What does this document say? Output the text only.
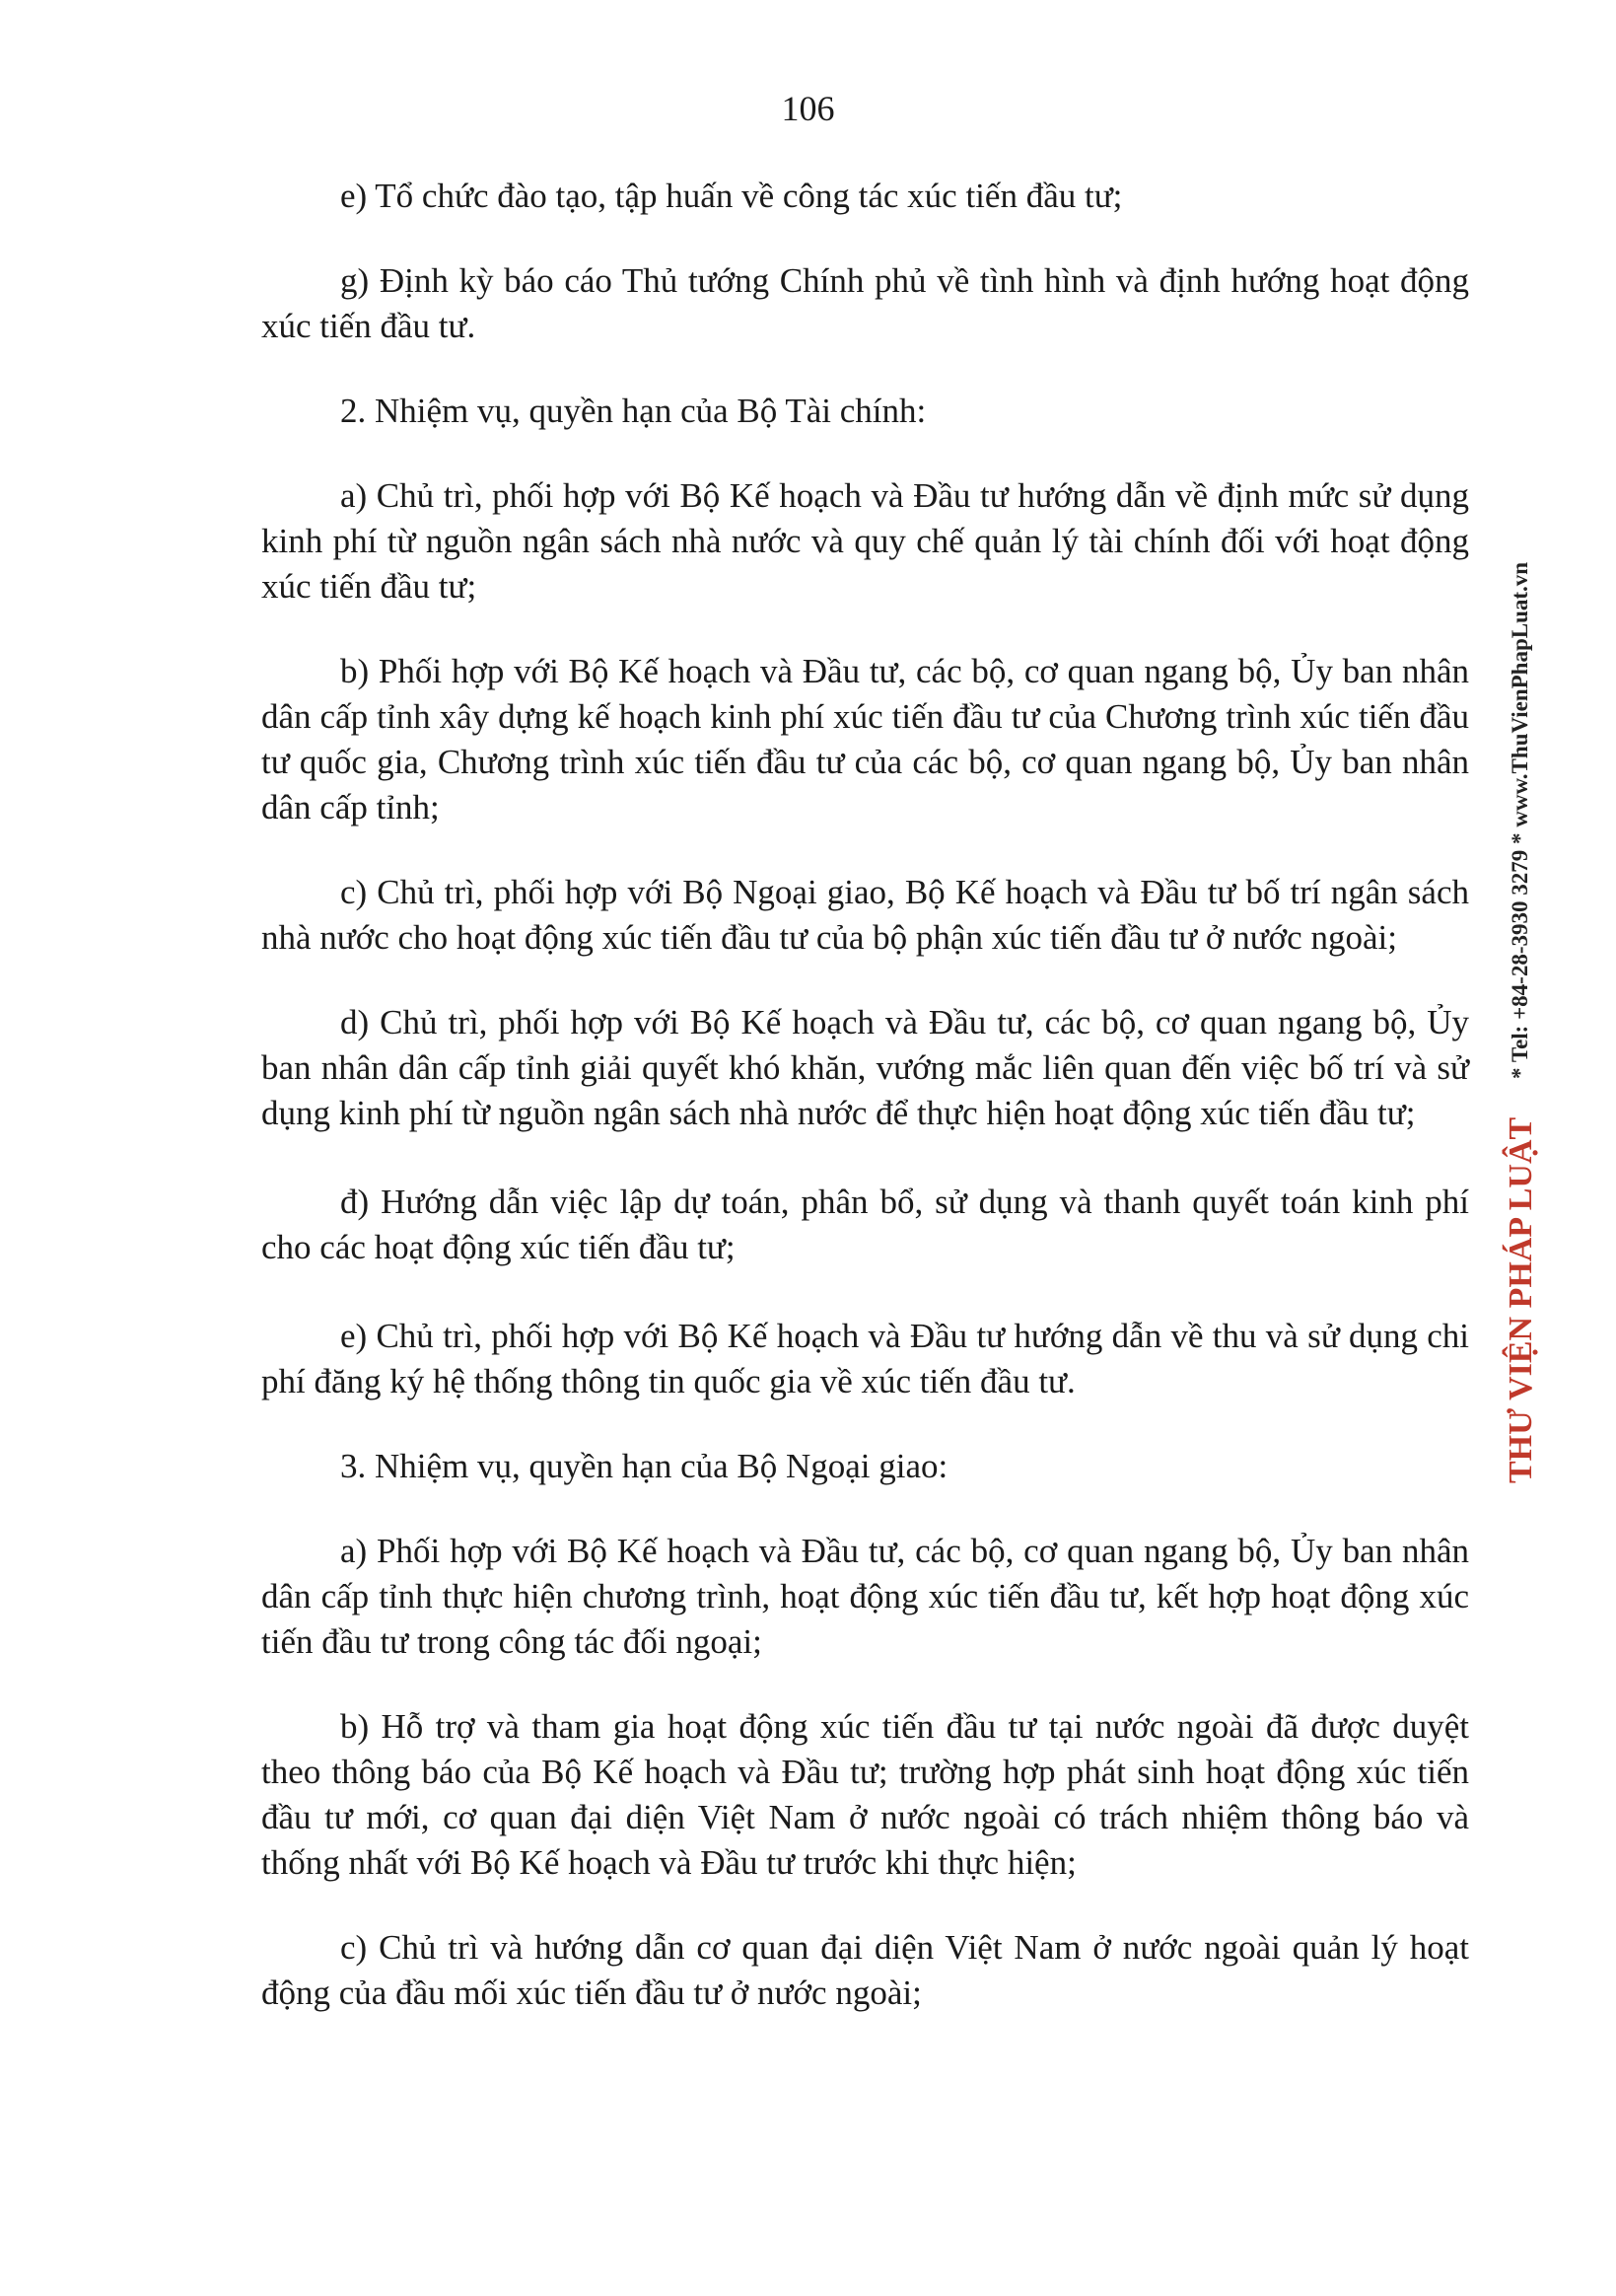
106

e) Tổ chức đào tạo, tập huấn về công tác xúc tiến đầu tư;

g) Định kỳ báo cáo Thủ tướng Chính phủ về tình hình và định hướng hoạt động xúc tiến đầu tư.

2. Nhiệm vụ, quyền hạn của Bộ Tài chính:

a) Chủ trì, phối hợp với Bộ Kế hoạch và Đầu tư hướng dẫn về định mức sử dụng kinh phí từ nguồn ngân sách nhà nước và quy chế quản lý tài chính đối với hoạt động xúc tiến đầu tư;

b) Phối hợp với Bộ Kế hoạch và Đầu tư, các bộ, cơ quan ngang bộ, Ủy ban nhân dân cấp tỉnh xây dựng kế hoạch kinh phí xúc tiến đầu tư của Chương trình xúc tiến đầu tư quốc gia, Chương trình xúc tiến đầu tư của các bộ, cơ quan ngang bộ, Ủy ban nhân dân cấp tỉnh;

c) Chủ trì, phối hợp với Bộ Ngoại giao, Bộ Kế hoạch và Đầu tư bố trí ngân sách nhà nước cho hoạt động xúc tiến đầu tư của bộ phận xúc tiến đầu tư ở nước ngoài;

d) Chủ trì, phối hợp với Bộ Kế hoạch và Đầu tư, các bộ, cơ quan ngang bộ, Ủy ban nhân dân cấp tỉnh giải quyết khó khăn, vướng mắc liên quan đến việc bố trí và sử dụng kinh phí từ nguồn ngân sách nhà nước để thực hiện hoạt động xúc tiến đầu tư;

đ) Hướng dẫn việc lập dự toán, phân bổ, sử dụng và thanh quyết toán kinh phí cho các hoạt động xúc tiến đầu tư;

e) Chủ trì, phối hợp với Bộ Kế hoạch và Đầu tư hướng dẫn về thu và sử dụng chi phí đăng ký hệ thống thông tin quốc gia về xúc tiến đầu tư.

3. Nhiệm vụ, quyền hạn của Bộ Ngoại giao:

a) Phối hợp với Bộ Kế hoạch và Đầu tư, các bộ, cơ quan ngang bộ, Ủy ban nhân dân cấp tỉnh thực hiện chương trình, hoạt động xúc tiến đầu tư, kết hợp hoạt động xúc tiến đầu tư trong công tác đối ngoại;

b) Hỗ trợ và tham gia hoạt động xúc tiến đầu tư tại nước ngoài đã được duyệt theo thông báo của Bộ Kế hoạch và Đầu tư; trường hợp phát sinh hoạt động xúc tiến đầu tư mới, cơ quan đại diện Việt Nam ở nước ngoài có trách nhiệm thông báo và thống nhất với Bộ Kế hoạch và Đầu tư trước khi thực hiện;

c) Chủ trì và hướng dẫn cơ quan đại diện Việt Nam ở nước ngoài quản lý hoạt động của đầu mối xúc tiến đầu tư ở nước ngoài;

THƯ VIỆN PHÁP LUẬT
* Tel: +84-28-3930 3279 * www.ThuVienPhapLuat.vn
